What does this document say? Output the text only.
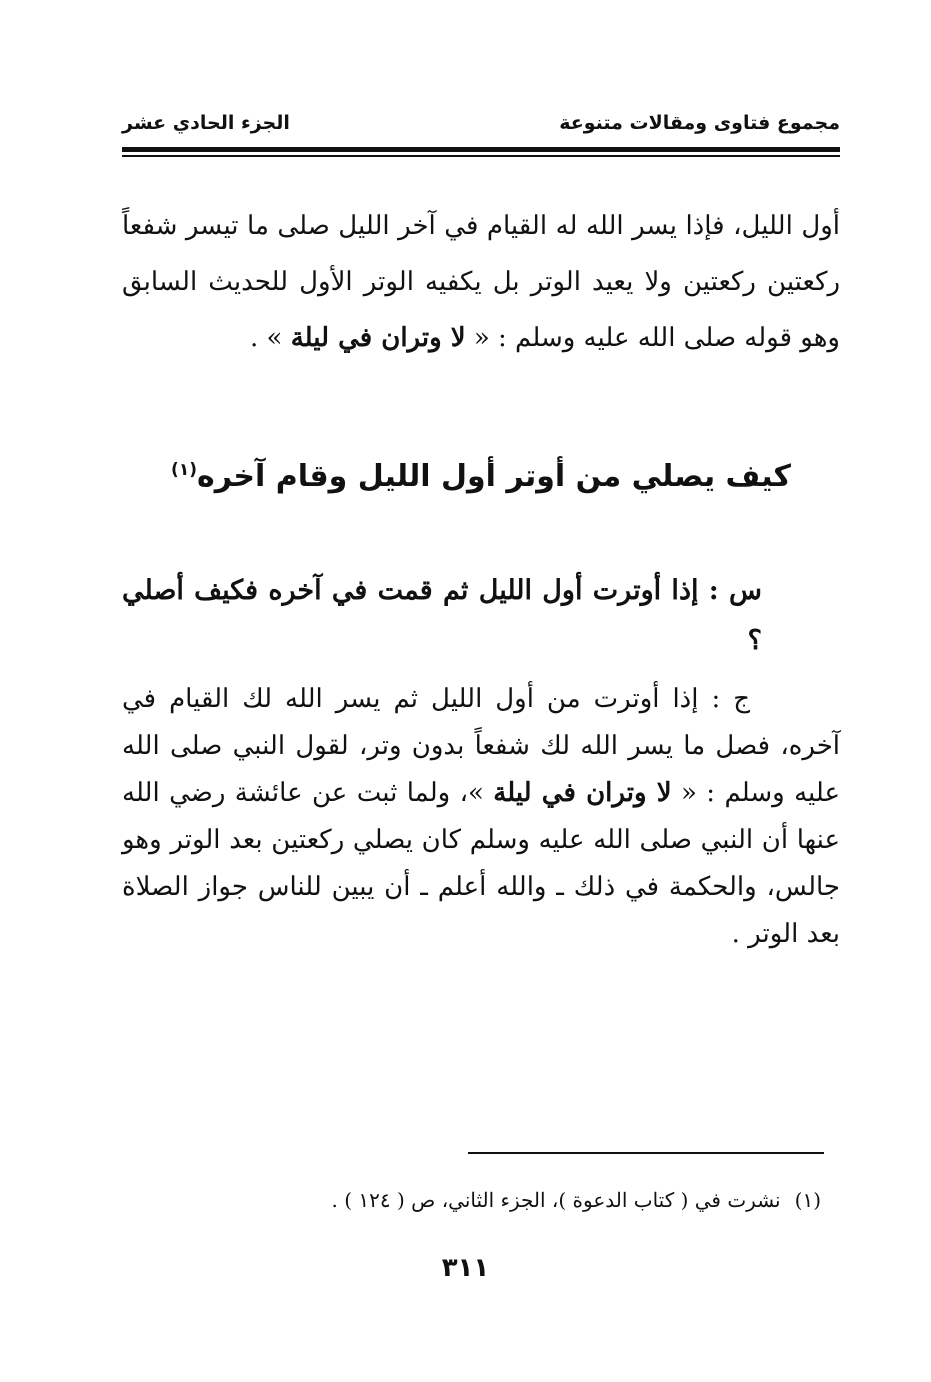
مجموع فتاوى ومقالات متنوعة
الجزء الحادي عشر

أول الليل، فإذا يسر الله له القيام في آخر الليل صلى ما تيسر شفعاً ركعتين ركعتين ولا يعيد الوتر بل يكفيه الوتر الأول للحديث السابق وهو قوله صلى الله عليه وسلم : « لا وتران في ليلة » .

كيف يصلي من أوتر أول الليل وقام آخره$^{(١)}$

س : إذا أوترت أول الليل ثم قمت في آخره فكيف أصلي ؟

ج : إذا أوترت من أول الليل ثم يسر الله لك القيام في آخره، فصل ما يسر الله لك شفعاً بدون وتر، لقول النبي صلى الله عليه وسلم : « لا وتران في ليلة »، ولما ثبت عن عائشة رضي الله عنها أن النبي صلى الله عليه وسلم كان يصلي ركعتين بعد الوتر وهو جالس، والحكمة في ذلك ـ والله أعلم ـ أن يبين للناس جواز الصلاة بعد الوتر .

(١)نشرت في ( كتاب الدعوة )، الجزء الثاني، ص ( ١٢٤ ) .
٣١١
